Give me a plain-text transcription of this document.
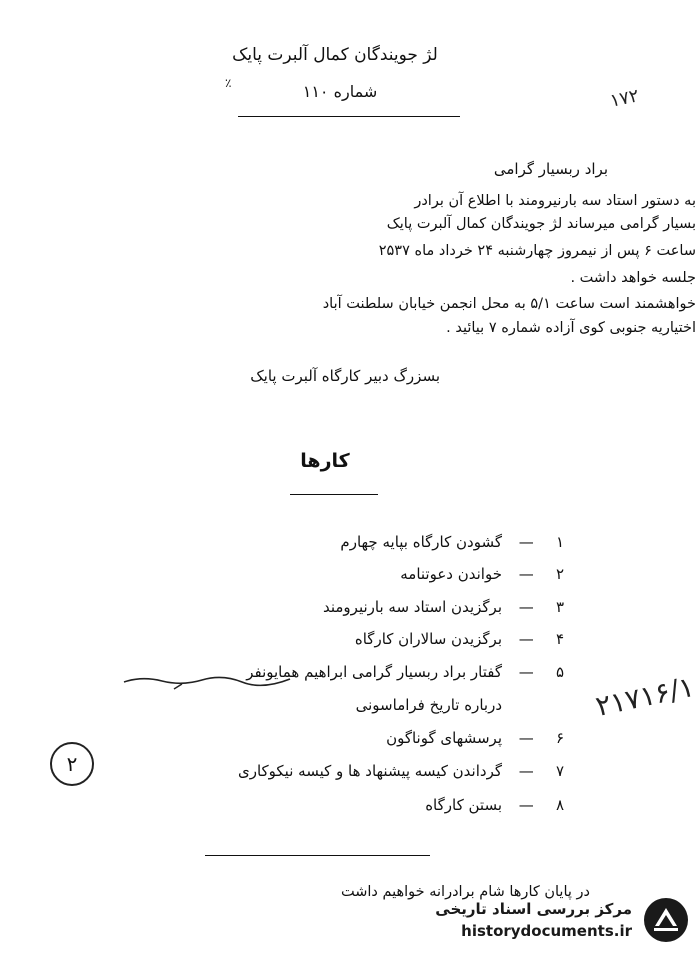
لژ جویندگان کمال آلبرت پایک
شماره ۱۱۰
٪
براد ربسیار گرامی
به دستور استاد سه بارنیرومند با اطلاع آن برادر
بسیار گرامی میرساند لژ جویندگان کمال آلبرت پایک
ساعت ۶ پس از نیمروز چهارشنبه ۲۴ خرداد ماه ۲۵۳۷
جلسه خواهد داشت .
خواهشمند است ساعت ۵/۱ به محل انجمن خیابان سلطنت آباد
اختیاریه جنوبی کوی آزاده شماره ۷ بیائید .
بسزرگ دبیر کارگاه آلبرت پایک
کارها
۱
—
گشودن کارگاه بپایه چهارم
۲
—
خواندن دعوتنامه
۳
—
برگزیدن استاد سه بارنیرومند
۴
—
برگزیدن سالاران کارگاه
۵
—
گفتار براد ربسیار گرامی ابراهیم همایونفر
درباره تاریخ فراماسونی
۶
—
پرسشهای گوناگون
۷
—
گرداندن کیسه پیشنهاد ها و کیسه نیکوکاری
۸
—
بستن کارگاه
در پایان کارها شام برادرانه خواهیم داشت
۱۷۲
۲۱۷۱۶/۱
۲
مرکز بررسی اسناد تاریخی
historydocuments.ir
